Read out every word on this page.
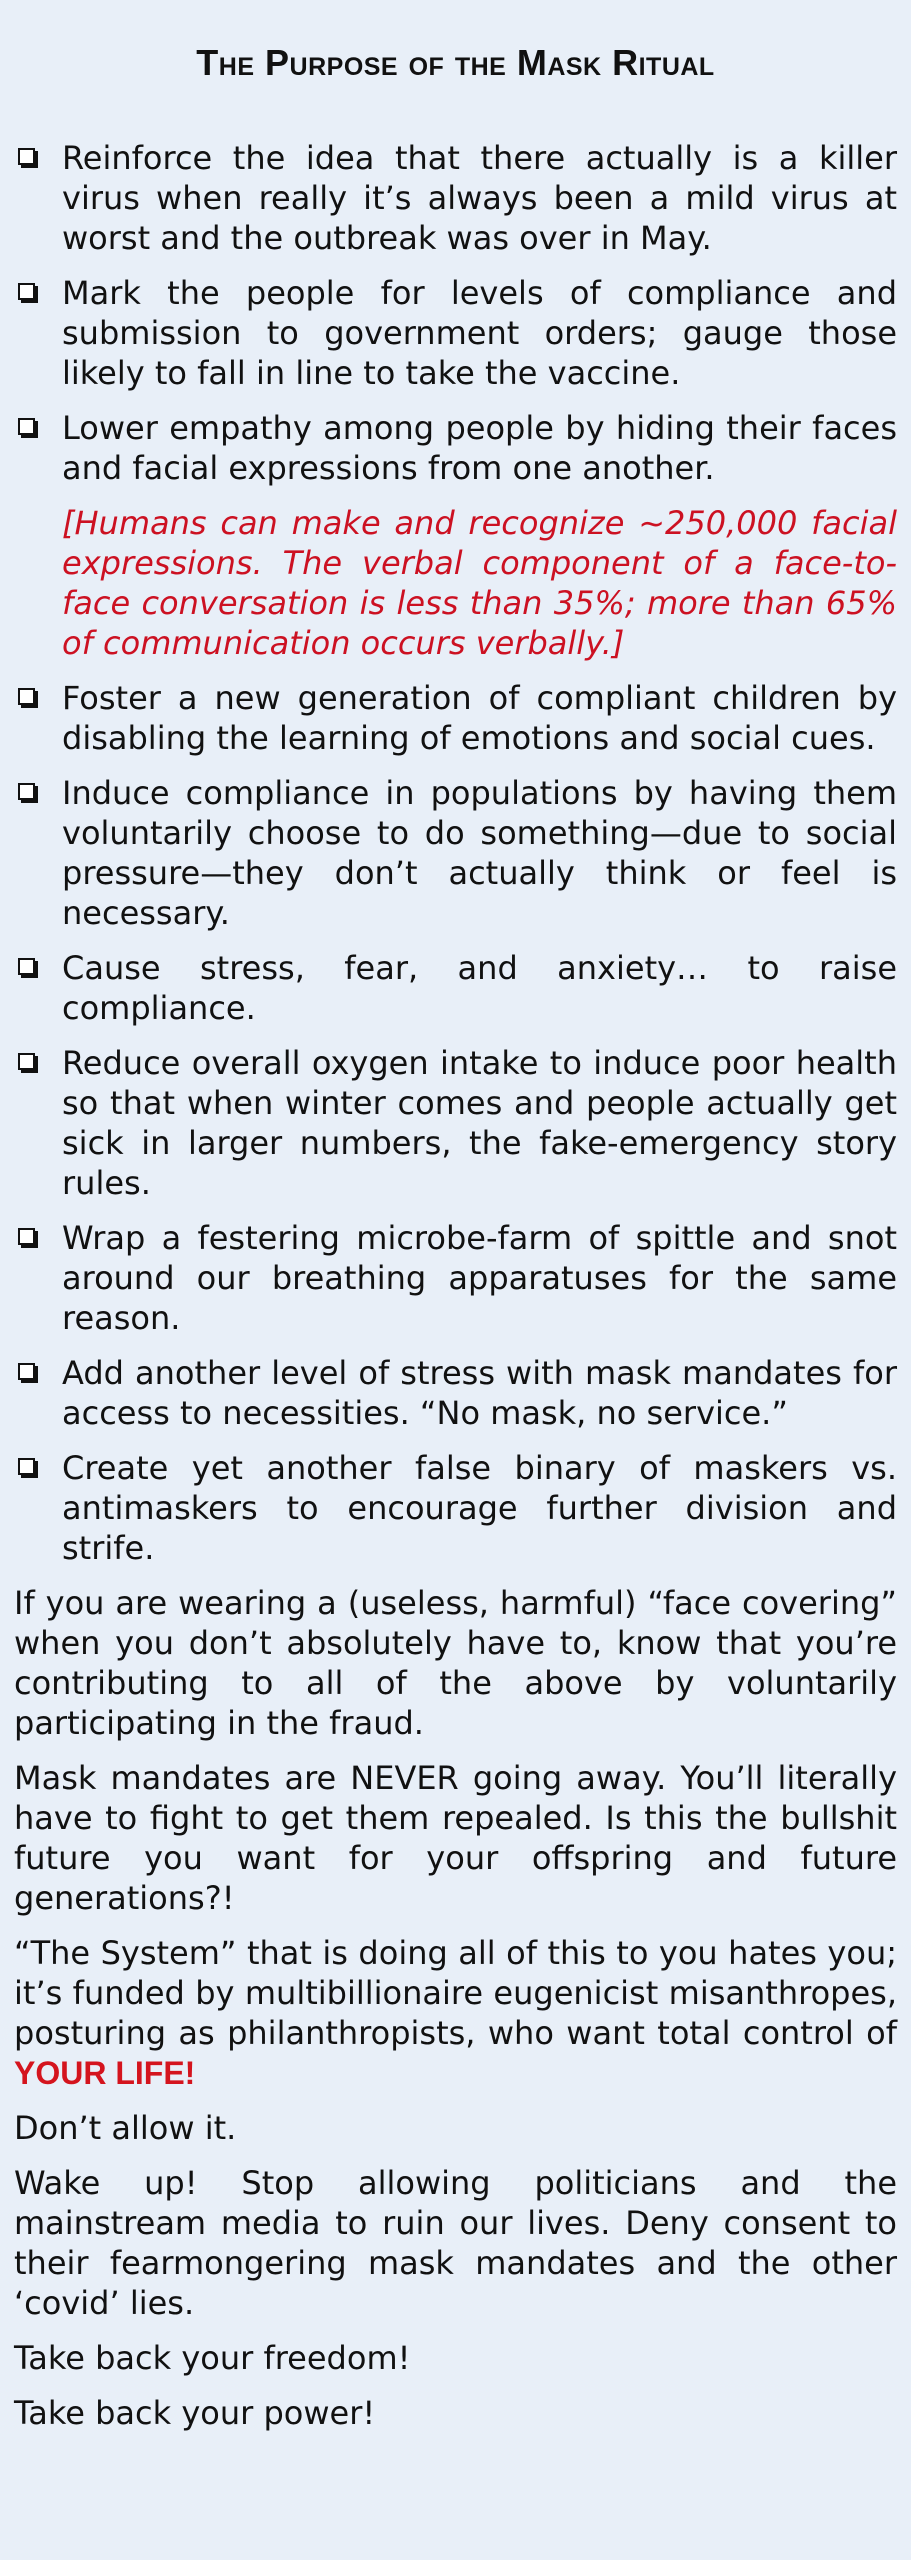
The Purpose of the Mask Ritual
Reinforce the idea that there actually is a killer virus when really it’s always been a mild virus at worst and the outbreak was over in May.
Mark the people for levels of compliance and submission to government orders; gauge those likely to fall in line to take the vaccine.
Lower empathy among people by hiding their faces and facial expressions from one another.
[Humans can make and recognize ~250,000 facial expressions. The verbal component of a face-to-face conversation is less than 35%; more than 65% of communication occurs verbally.]
Foster a new generation of compliant children by disabling the learning of emotions and social cues.
Induce compliance in populations by having them voluntarily choose to do something—due to social pressure—they don’t actually think or feel is necessary.
Cause stress, fear, and anxiety… to raise compliance.
Reduce overall oxygen intake to induce poor health so that when winter comes and people actually get sick in larger numbers, the fake-emergency story rules.
Wrap a festering microbe-farm of spittle and snot around our breathing apparatuses for the same reason.
Add another level of stress with mask mandates for access to necessities. “No mask, no service.”
Create yet another false binary of maskers vs. antimaskers to encourage further division and strife.

If you are wearing a (useless, harmful) “face covering” when you don’t absolutely have to, know that you’re contributing to all of the above by voluntarily participating in the fraud.

Mask mandates are NEVER going away. You’ll literally have to fight to get them repealed. Is this the bullshit future you want for your offspring and future generations?!

“The System” that is doing all of this to you hates you; it’s funded by multibillionaire eugenicist misanthropes, posturing as philanthropists, who want total control of YOUR LIFE!

Don’t allow it.

Wake up! Stop allowing politicians and the mainstream media to ruin our lives. Deny consent to their fearmongering mask mandates and the other ‘covid’ lies.

Take back your freedom!

Take back your power!
